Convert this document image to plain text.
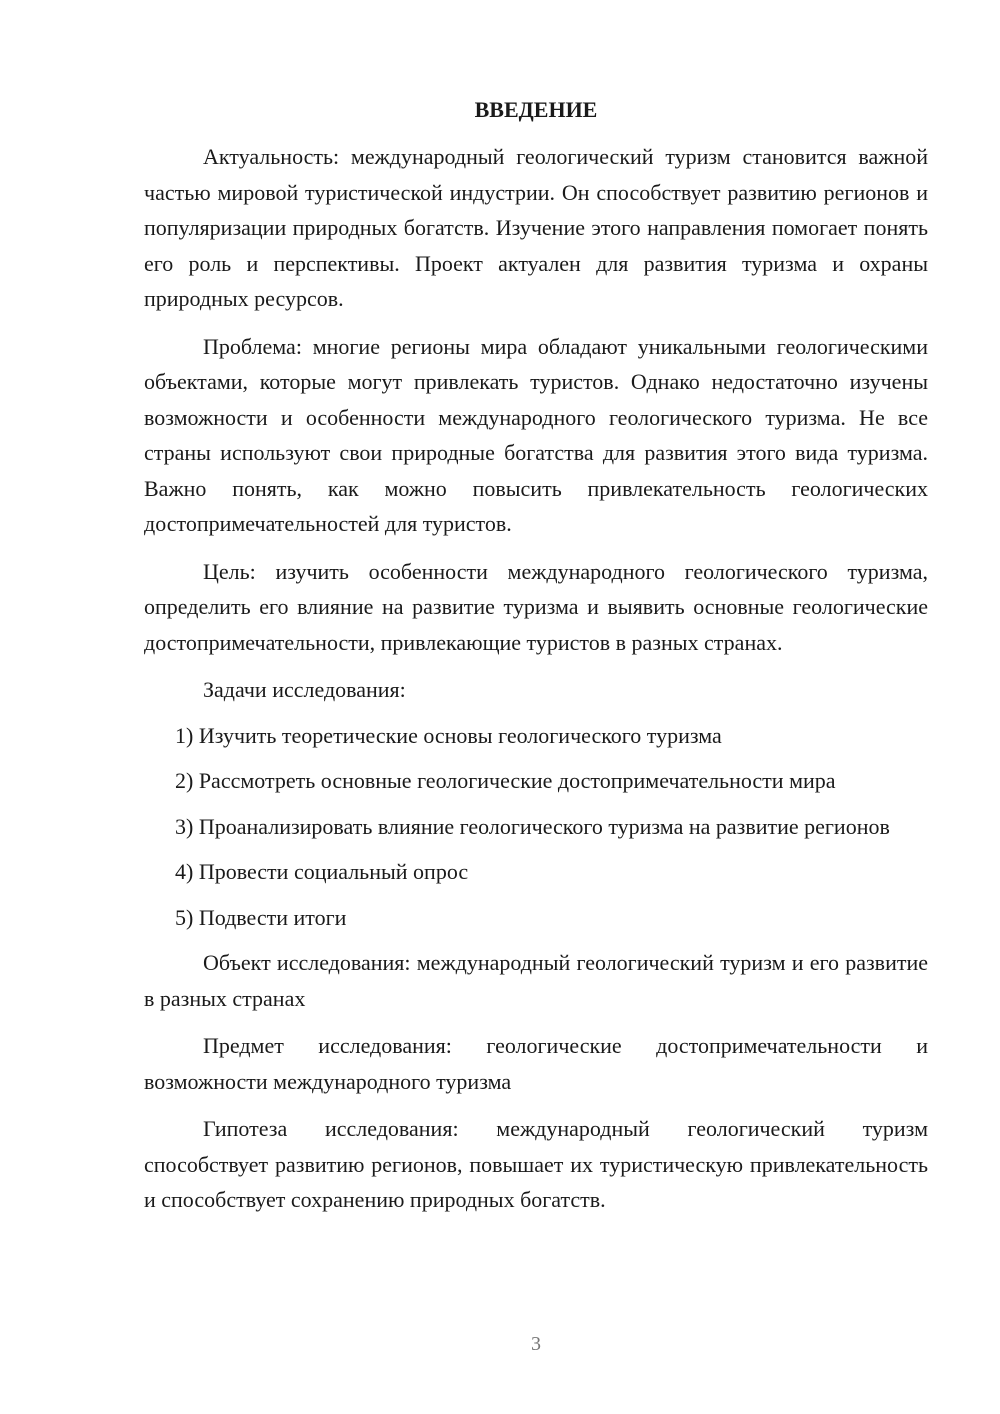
ВВЕДЕНИЕ

Актуальность: международный геологический туризм становится важной частью мировой туристической индустрии. Он способствует развитию регионов и популяризации природных богатств. Изучение этого направления помогает понять его роль и перспективы. Проект актуален для развития туризма и охраны природных ресурсов.

Проблема: многие регионы мира обладают уникальными геологическими объектами, которые могут привлекать туристов. Однако недостаточно изучены возможности и особенности международного геологического туризма. Не все страны используют свои природные богатства для развития этого вида туризма. Важно понять, как можно повысить привлекательность геологических достопримечательностей для туристов.

Цель: изучить особенности международного геологического туризма, определить его влияние на развитие туризма и выявить основные геологические достопримечательности, привлекающие туристов в разных странах.

Задачи исследования:

1) Изучить теоретические основы геологического туризма

2) Рассмотреть основные геологические достопримечательности мира

3) Проанализировать влияние геологического туризма на развитие регионов

4) Провести социальный опрос

5) Подвести итоги

Объект исследования: международный геологический туризм и его развитие в разных странах

Предмет исследования: геологические достопримечательности и возможности международного туризма

Гипотеза исследования: международный геологический туризм способствует развитию регионов, повышает их туристическую привлекательность и способствует сохранению природных богатств.

3
